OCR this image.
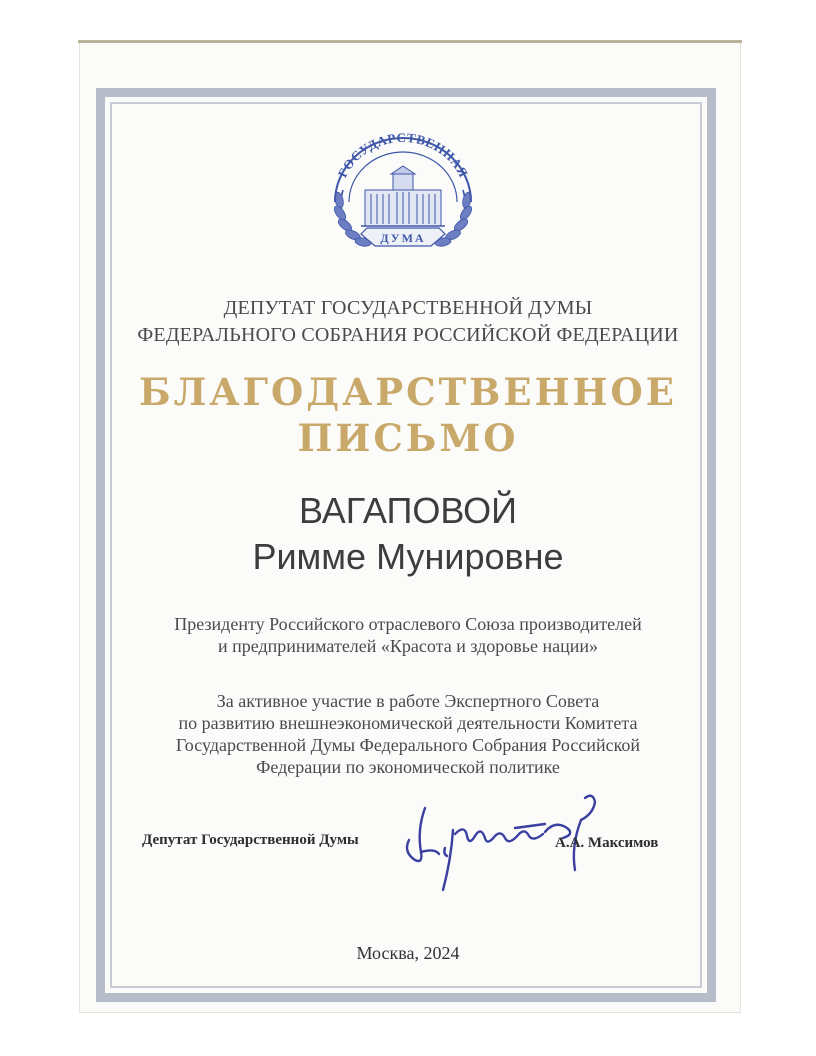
ГОСУДАРСТВЕННАЯ
ДУМА
ДЕПУТАТ ГОСУДАРСТВЕННОЙ ДУМЫ
ФЕДЕРАЛЬНОГО СОБРАНИЯ РОССИЙСКОЙ ФЕДЕРАЦИИ
БЛАГОДАРСТВЕННОЕ
ПИСЬМО
ВАГАПОВОЙ
Римме Мунировне
Президенту Российского отраслевого Союза производителей
и предпринимателей «Красота и здоровье нации»
За активное участие в работе Экспертного Совета
по развитию внешнеэкономической деятельности Комитета
Государственной Думы Федерального Собрания Российской
Федерации по экономической политике
Депутат Государственной Думы	А.А. Максимов
Москва, 2024
